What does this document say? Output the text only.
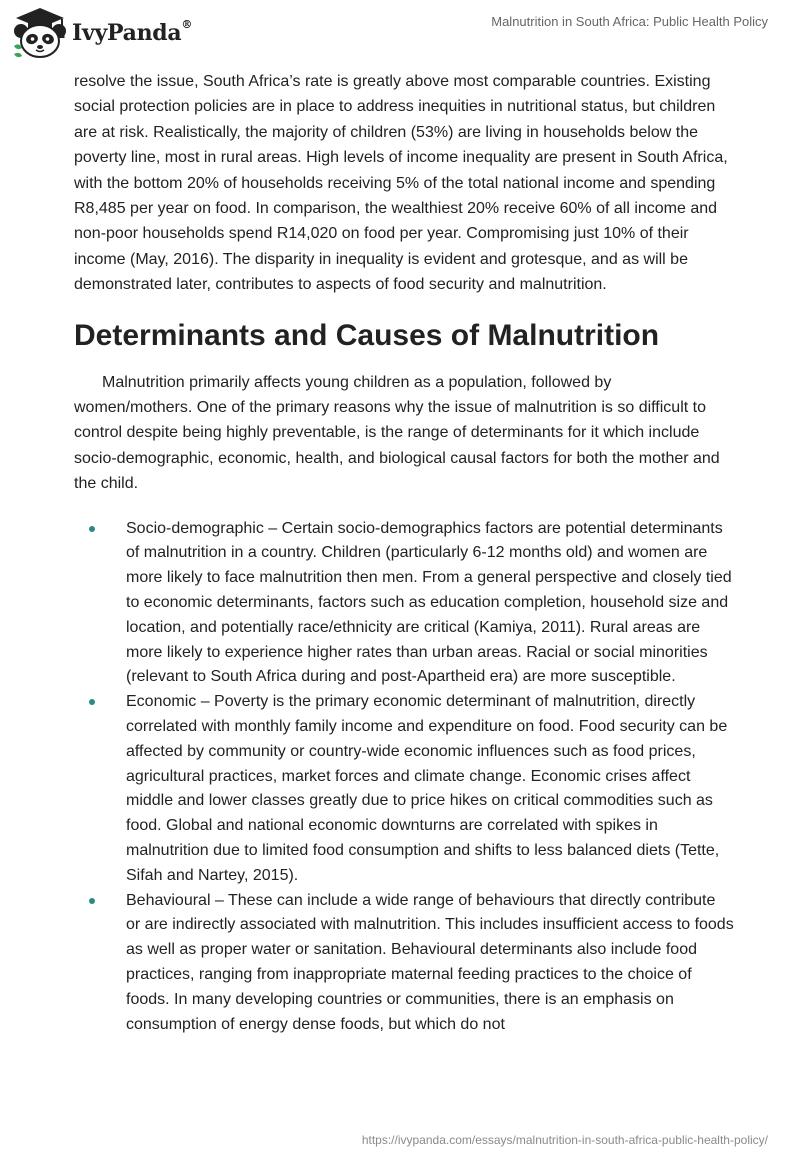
IvyPanda®	Malnutrition in South Africa: Public Health Policy

resolve the issue, South Africa’s rate is greatly above most comparable countries. Existing social protection policies are in place to address inequities in nutritional status, but children are at risk. Realistically, the majority of children (53%) are living in households below the poverty line, most in rural areas. High levels of income inequality are present in South Africa, with the bottom 20% of households receiving 5% of the total national income and spending R8,485 per year on food. In comparison, the wealthiest 20% receive 60% of all income and non-poor households spend R14,020 on food per year. Compromising just 10% of their income (May, 2016). The disparity in inequality is evident and grotesque, and as will be demonstrated later, contributes to aspects of food security and malnutrition.

Determinants and Causes of Malnutrition

Malnutrition primarily affects young children as a population, followed by women/mothers. One of the primary reasons why the issue of malnutrition is so difficult to control despite being highly preventable, is the range of determinants for it which include socio-demographic, economic, health, and biological causal factors for both the mother and the child.

Socio-demographic – Certain socio-demographics factors are potential determinants of malnutrition in a country. Children (particularly 6-12 months old) and women are more likely to face malnutrition then men. From a general perspective and closely tied to economic determinants, factors such as education completion, household size and location, and potentially race/ethnicity are critical (Kamiya, 2011). Rural areas are more likely to experience higher rates than urban areas. Racial or social minorities (relevant to South Africa during and post-Apartheid era) are more susceptible.
Economic – Poverty is the primary economic determinant of malnutrition, directly correlated with monthly family income and expenditure on food. Food security can be affected by community or country-wide economic influences such as food prices, agricultural practices, market forces and climate change. Economic crises affect middle and lower classes greatly due to price hikes on critical commodities such as food. Global and national economic downturns are correlated with spikes in malnutrition due to limited food consumption and shifts to less balanced diets (Tette, Sifah and Nartey, 2015).
Behavioural – These can include a wide range of behaviours that directly contribute or are indirectly associated with malnutrition. This includes insufficient access to foods as well as proper water or sanitation. Behavioural determinants also include food practices, ranging from inappropriate maternal feeding practices to the choice of foods. In many developing countries or communities, there is an emphasis on consumption of energy dense foods, but which do not
https://ivypanda.com/essays/malnutrition-in-south-africa-public-health-policy/
